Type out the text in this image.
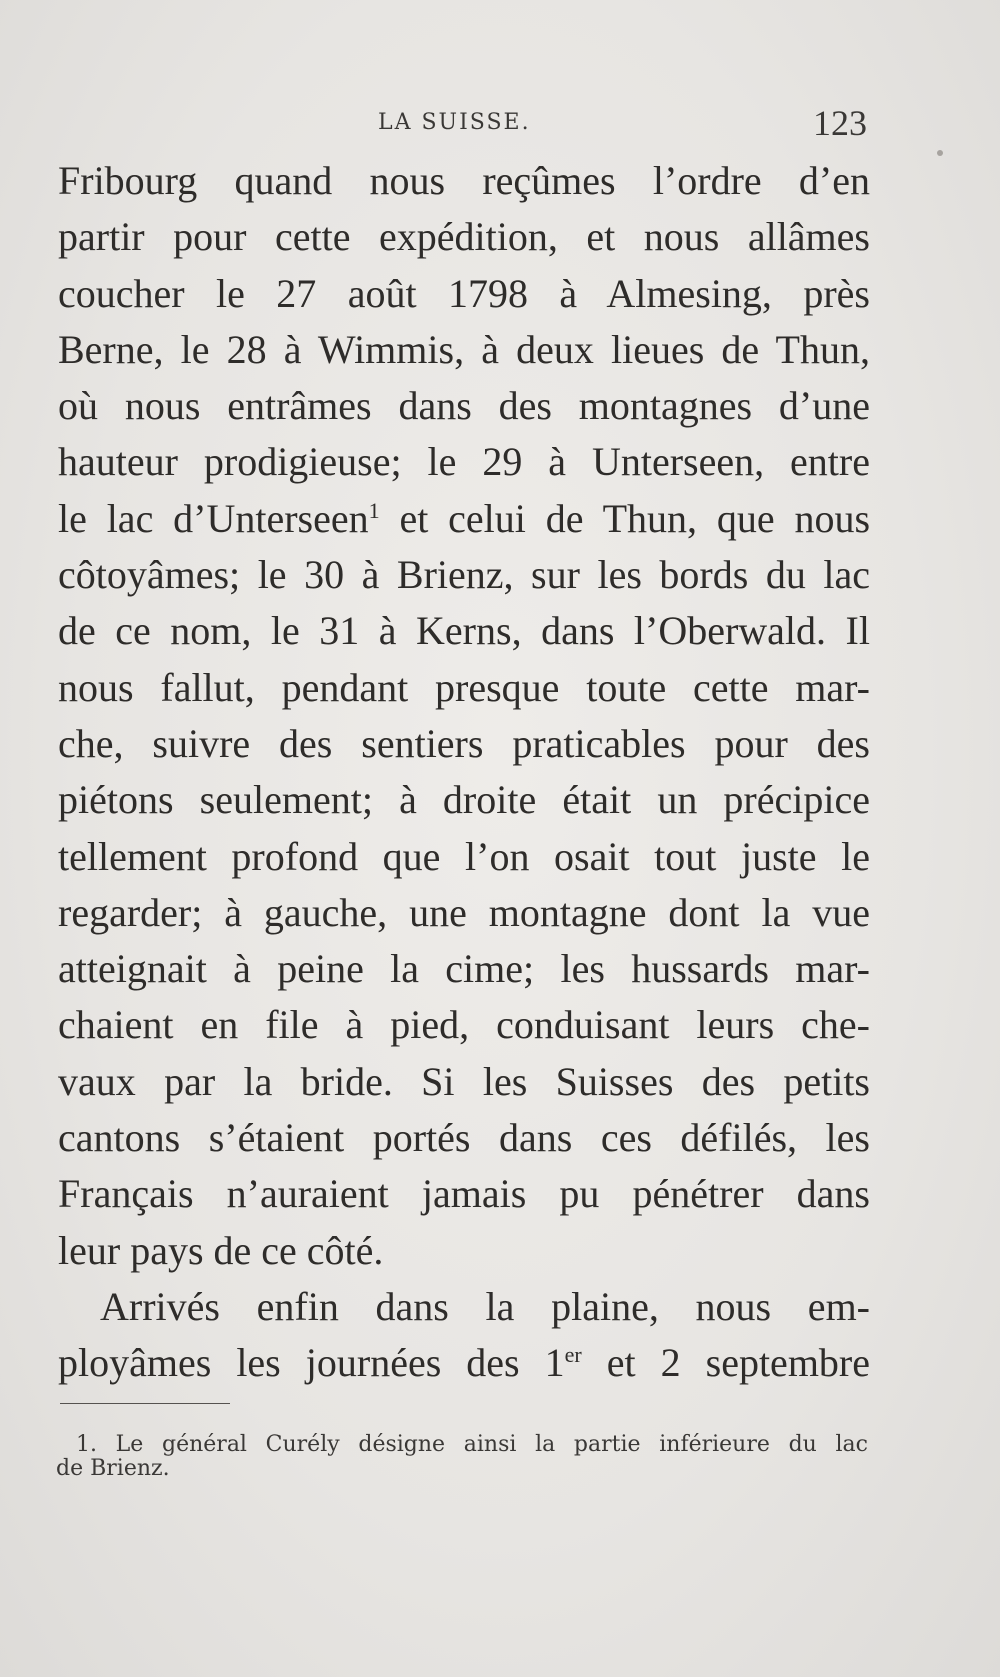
LA SUISSE.	123
Fribourg quand nous reçûmes l’ordre d’en
partir pour cette expédition, et nous allâmes
coucher le 27 août 1798 à Almesing, près
Berne, le 28 à Wimmis, à deux lieues de Thun,
où nous entrâmes dans des montagnes d’une
hauteur prodigieuse; le 29 à Unterseen, entre
le lac d’Unterseen$^1$ et celui de Thun, que nous
côtoyâmes; le 30 à Brienz, sur les bords du lac
de ce nom, le 31 à Kerns, dans l’Oberwald. Il
nous fallut, pendant presque toute cette mar-
che, suivre des sentiers praticables pour des
piétons seulement; à droite était un précipice
tellement profond que l’on osait tout juste le
regarder; à gauche, une montagne dont la vue
atteignait à peine la cime; les hussards mar-
chaient en file à pied, conduisant leurs che-
vaux par la bride. Si les Suisses des petits
cantons s’étaient portés dans ces défilés, les
Français n’auraient jamais pu pénétrer dans
leur pays de ce côté.
Arrivés enfin dans la plaine, nous em-
ployâmes les journées des 1er et 2 septembre
1. Le général Curély désigne ainsi la partie inférieure du lac
de Brienz.
